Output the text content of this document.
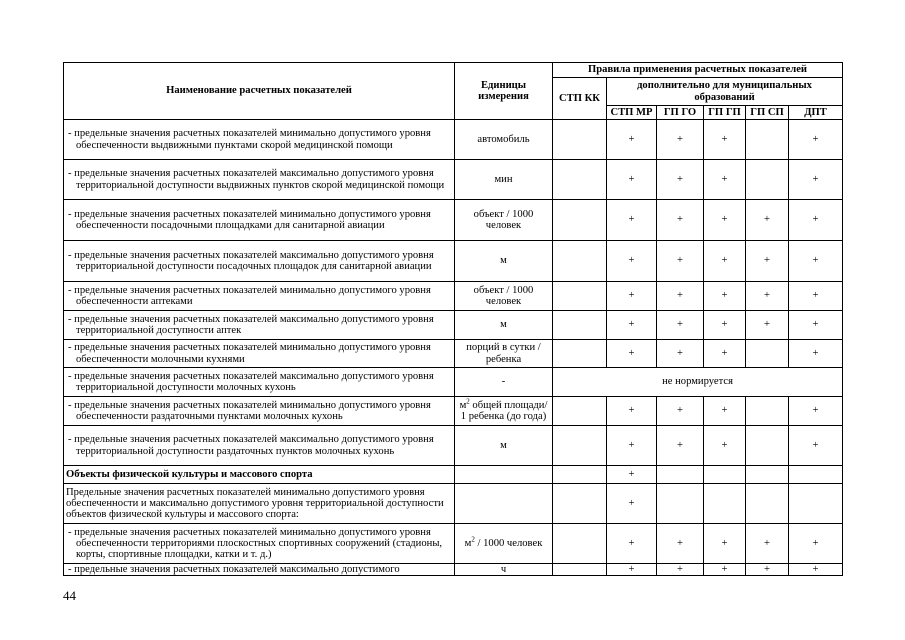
Наименование расчетных показателей	Единицы измерения	Правила применения расчетных показателей					
		СТП КК	дополнительно для муниципальных образований				
			СТП МР	ГП ГО	ГП ГП	ГП СП	ДПТ

- предельные значения расчетных показателей минимально допустимого уровня обеспеченности выдвижными пунктами скорой медицинской помощи	автомобиль		+	+	+		+

- предельные значения расчетных показателей максимально допустимого уровня территориальной доступности выдвижных пунктов скорой медицинской помощи	мин		+	+	+		+

- предельные значения расчетных показателей минимально допустимого уровня обеспеченности посадочными площадками для санитарной авиации	объект / 1000 человек		+	+	+	+	+

- предельные значения расчетных показателей максимально допустимого уровня территориальной доступности посадочных площадок для санитарной авиации	м		+	+	+	+	+

- предельные значения расчетных показателей минимально допустимого уровня обеспеченности аптеками	объект / 1000 человек		+	+	+	+	+

- предельные значения расчетных показателей максимально допустимого уровня территориальной доступности аптек	м		+	+	+	+	+

- предельные значения расчетных показателей минимально допустимого уровня обеспеченности молочными кухнями	порций в сутки / ребенка		+	+	+		+

- предельные значения расчетных показателей максимально допустимого уровня территориальной доступности молочных кухонь	-	не нормируется					

- предельные значения расчетных показателей минимально допустимого уровня обеспеченности раздаточными пунктами молочных кухонь	$м^2$ общей площади/ 1 ребенка (до года)		+	+	+		+

- предельные значения расчетных показателей максимально допустимого уровня территориальной доступности раздаточных пунктов молочных кухонь	м		+	+	+		+
Объекты физической культуры и массового спорта			+				
Предельные значения расчетных показателей минимально допустимого уровня обеспеченности и максимально допустимого уровня территориальной доступности объектов физической культуры и массового спорта:			+				

- предельные значения расчетных показателей минимально допустимого уровня обеспеченности территориями плоскостных спортивных сооружений (стадионы, корты, спортивные площадки, катки и т. д.)	$м^2 / 1000$ человек		+	+	+	+	+

- предельные значения расчетных показателей максимально допустимого	ч		+	+	+	+	+
44
